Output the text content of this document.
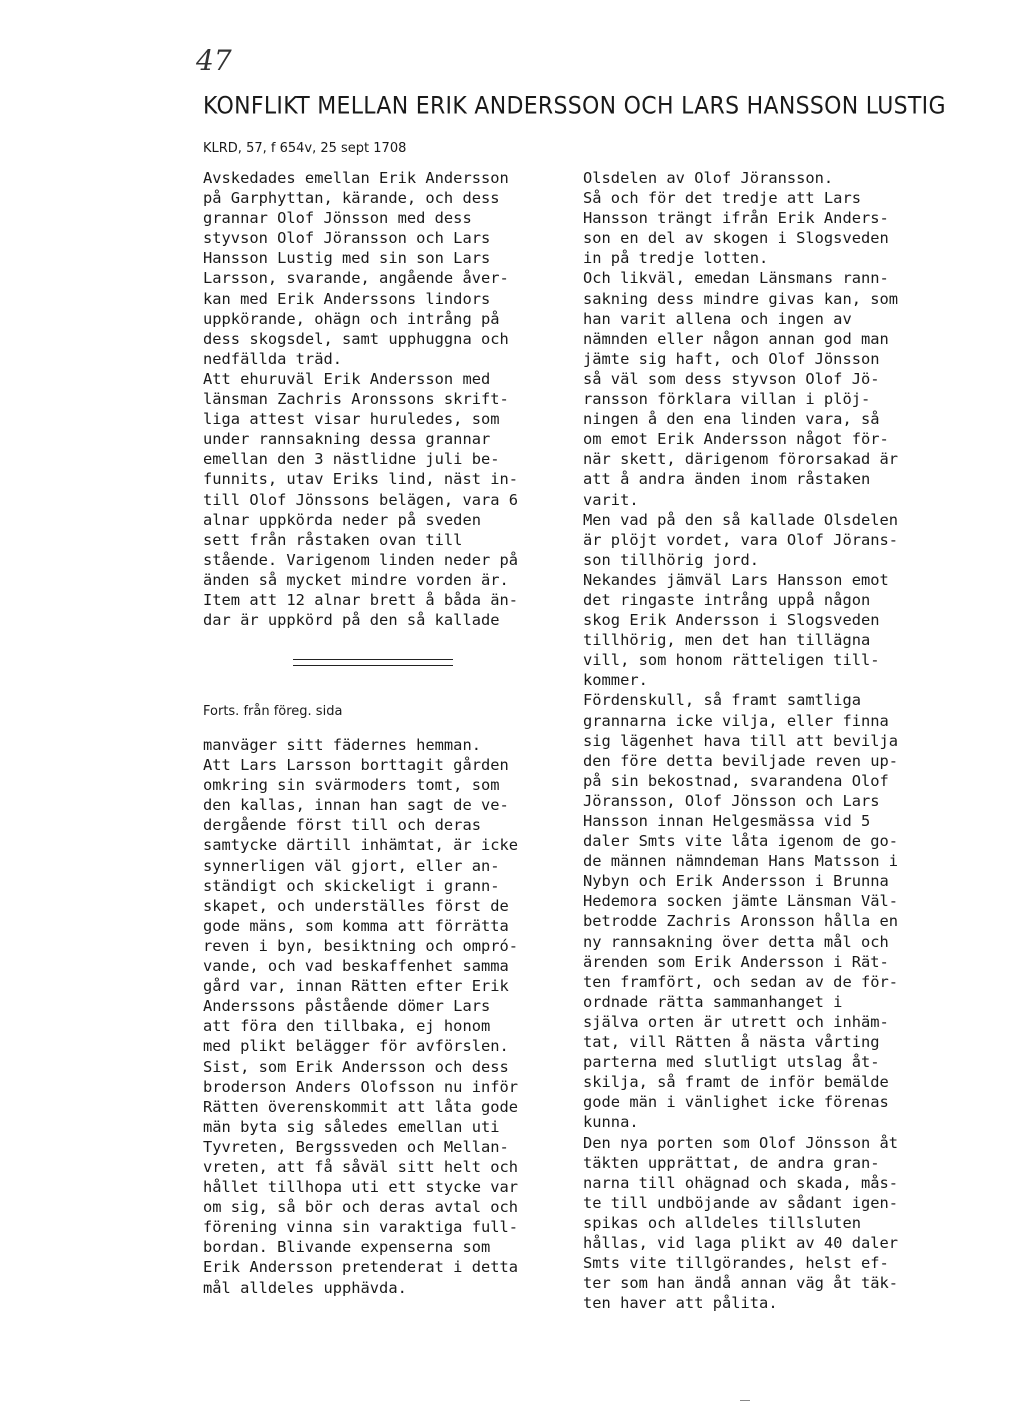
47
KONFLIKT MELLAN ERIK ANDERSSON OCH LARS HANSSON LUSTIG
KLRD, 57, f 654v, 25 sept 1708
Avskedades emellan Erik Andersson
på Garphyttan, kärande, och dess
grannar Olof Jönsson med dess
styvson Olof Jöransson och Lars
Hansson Lustig med sin son Lars
Larsson, svarande, angående åver-
kan med Erik Anderssons lindors
uppkörande, ohägn och intrång på
dess skogsdel, samt upphuggna och
nedfällda träd.
Att ehuruväl Erik Andersson med
länsman Zachris Aronssons skrift-
liga attest visar huruledes, som
under rannsakning dessa grannar
emellan den 3 nästlidne juli be-
funnits, utav Eriks lind, näst in-
till Olof Jönssons belägen, vara 6
alnar uppkörda neder på sveden
sett från råstaken ovan till
stående. Varigenom linden neder på
änden så mycket mindre vorden är.
Item att 12 alnar brett å båda än-
dar är uppkörd på den så kallade
Forts. från föreg. sida
manväger sitt fädernes hemman.
Att Lars Larsson borttagit gården
omkring sin svärmoders tomt, som
den kallas, innan han sagt de ve-
dergående först till och deras
samtycke därtill inhämtat, är icke
synnerligen väl gjort, eller an-
ständigt och skickeligt i grann-
skapet, och underställes först de
gode mäns, som komma att förrätta
reven i byn, besiktning och ompró-
vande, och vad beskaffenhet samma
gård var, innan Rätten efter Erik
Anderssons påstående dömer Lars
att föra den tillbaka, ej honom
med plikt belägger för avförslen.
Sist, som Erik Andersson och dess
broderson Anders Olofsson nu inför
Rätten överenskommit att låta gode
män byta sig således emellan uti
Tyvreten, Bergssveden och Mellan-
vreten, att få såväl sitt helt och
hållet tillhopa uti ett stycke var
om sig, så bör och deras avtal och
förening vinna sin varaktiga full-
bordan. Blivande expenserna som
Erik Andersson pretenderat i detta
mål alldeles upphävda.
Olsdelen av Olof Jöransson.
Så och för det tredje att Lars
Hansson trängt ifrån Erik Anders-
son en del av skogen i Slogsveden
in på tredje lotten.
Och likväl, emedan Länsmans rann-
sakning dess mindre givas kan, som
han varit allena och ingen av
nämnden eller någon annan god man
jämte sig haft, och Olof Jönsson
så väl som dess styvson Olof Jö-
ransson förklara villan i plöj-
ningen å den ena linden vara, så
om emot Erik Andersson något för-
när skett, därigenom förorsakad är
att å andra änden inom råstaken
varit.
Men vad på den så kallade Olsdelen
är plöjt vordet, vara Olof Jörans-
son tillhörig jord.
Nekandes jämväl Lars Hansson emot
det ringaste intrång uppå någon
skog Erik Andersson i Slogsveden
tillhörig, men det han tillägna
vill, som honom rätteligen till-
kommer.
Fördenskull, så framt samtliga
grannarna icke vilja, eller finna
sig lägenhet hava till att bevilja
den före detta beviljade reven up-
på sin bekostnad, svarandena Olof
Jöransson, Olof Jönsson och Lars
Hansson innan Helgesmässa vid 5
daler Smts vite låta igenom de go-
de männen nämndeman Hans Matsson i
Nybyn och Erik Andersson i Brunna
Hedemora socken jämte Länsman Väl-
betrodde Zachris Aronsson hålla en
ny rannsakning över detta mål och
ärenden som Erik Andersson i Rät-
ten framfört, och sedan av de för-
ordnade rätta sammanhanget i
själva orten är utrett och inhäm-
tat, vill Rätten å nästa vårting
parterna med slutligt utslag åt-
skilja, så framt de inför bemälde
gode män i vänlighet icke förenas
kunna.
Den nya porten som Olof Jönsson åt
täkten upprättat, de andra gran-
narna till ohägnad och skada, mås-
te till undböjande av sådant igen-
spikas och alldeles tillsluten
hållas, vid laga plikt av 40 daler
Smts vite tillgörandes, helst ef-
ter som han ändå annan väg åt täk-
ten haver att pålita.
